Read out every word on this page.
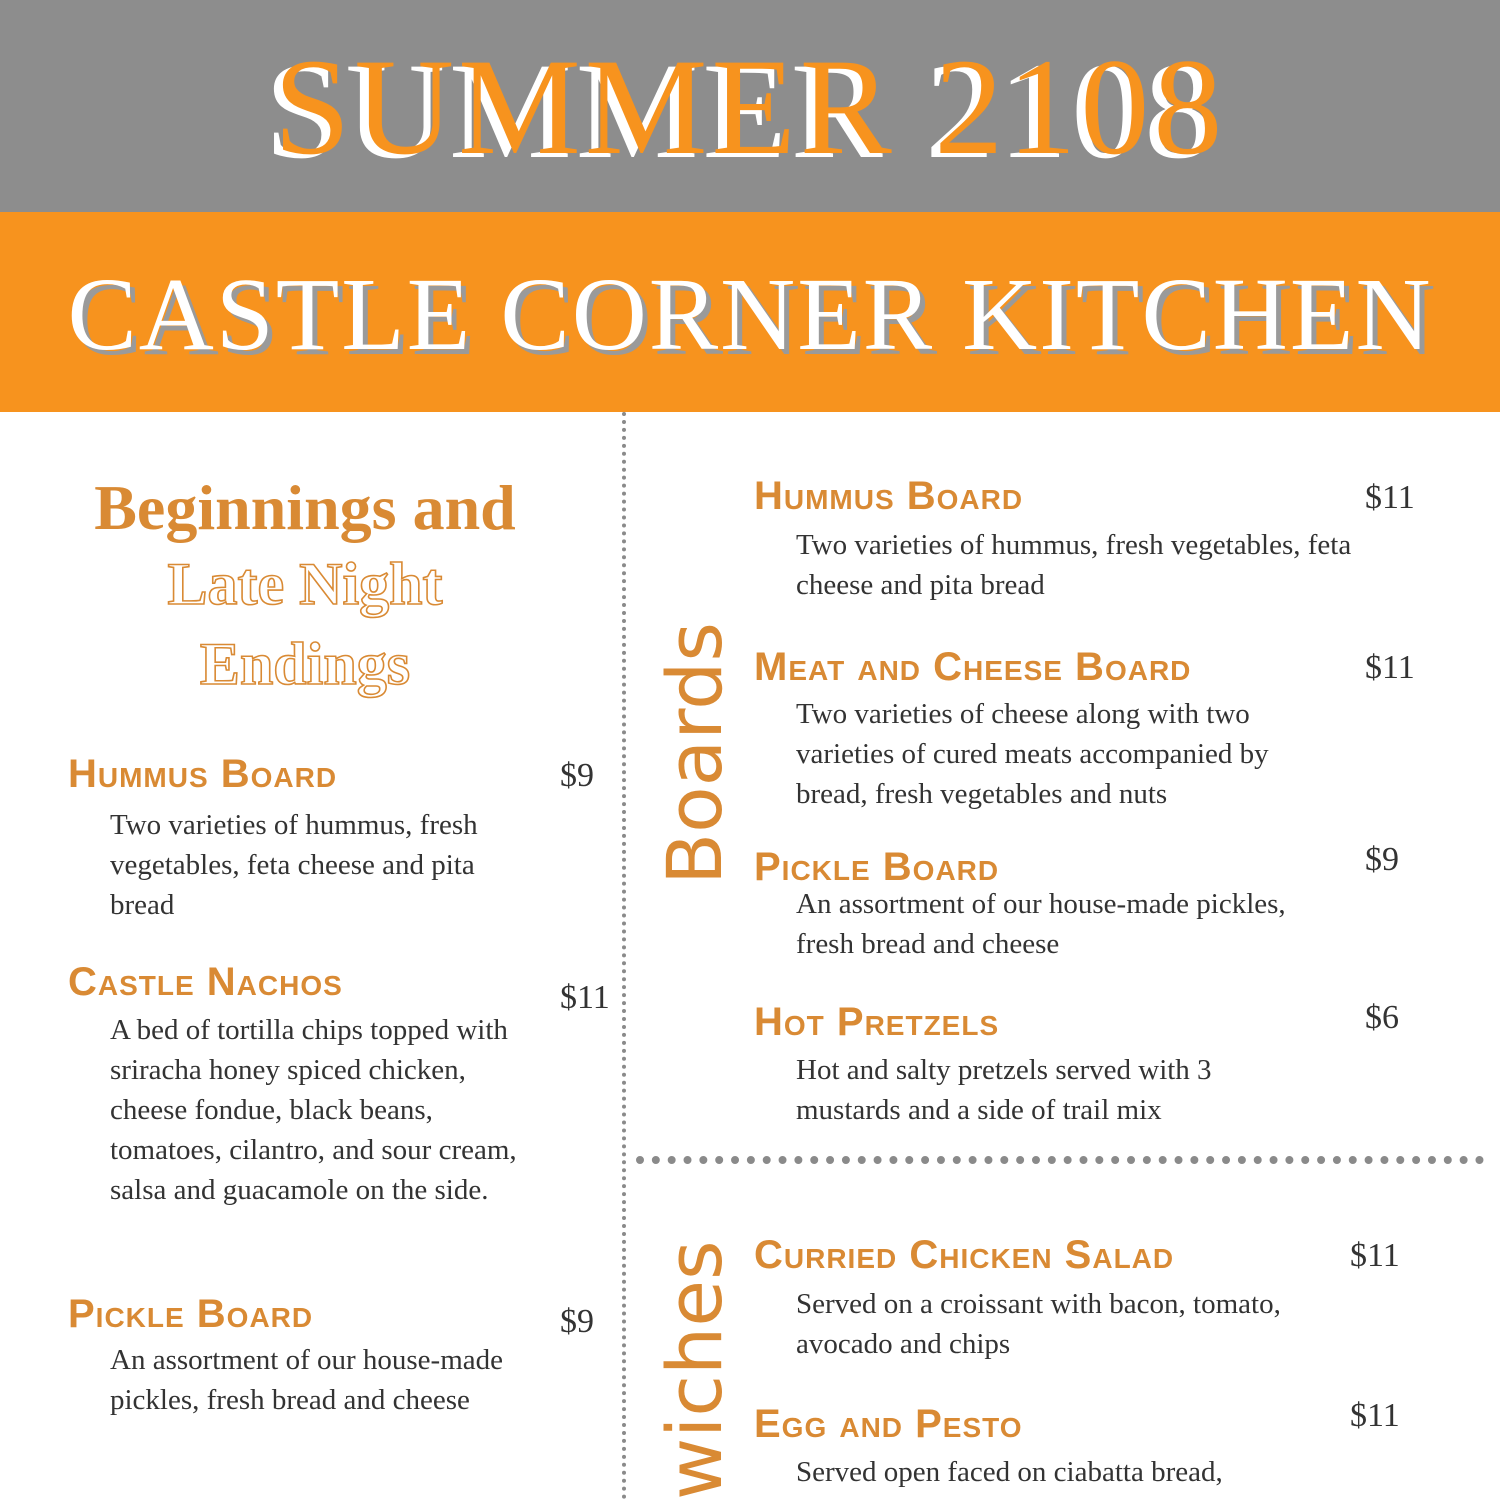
SUMMER 2108
CASTLE CORNER KITCHEN
Beginnings and
Late Night
Endings
Hummus Board	$9
Two varieties of hummus, fresh vegetables, feta cheese and pita bread
Castle Nachos	$11
A bed of tortilla chips topped with sriracha honey spiced chicken, cheese fondue, black beans, tomatoes, cilantro, and sour cream, salsa and guacamole on the side.
Pickle Board	$9
An assortment of our house-made pickles, fresh bread and cheese
Boards
Hummus Board	$11
Two varieties of hummus, fresh vegetables, feta cheese and pita bread
Meat and Cheese Board	$11
Two varieties of cheese along with two varieties of cured meats accompanied by bread, fresh vegetables and nuts
Pickle Board	$9
An assortment of our house-made pickles, fresh bread and cheese
Hot Pretzels	$6
Hot and salty pretzels served with 3 mustards and a side of trail mix
wiches Curried Chicken Salad	$11
Served on a croissant with bacon, tomato, avocado and chips
Egg and Pesto	$11
Served open faced on ciabatta bread,
